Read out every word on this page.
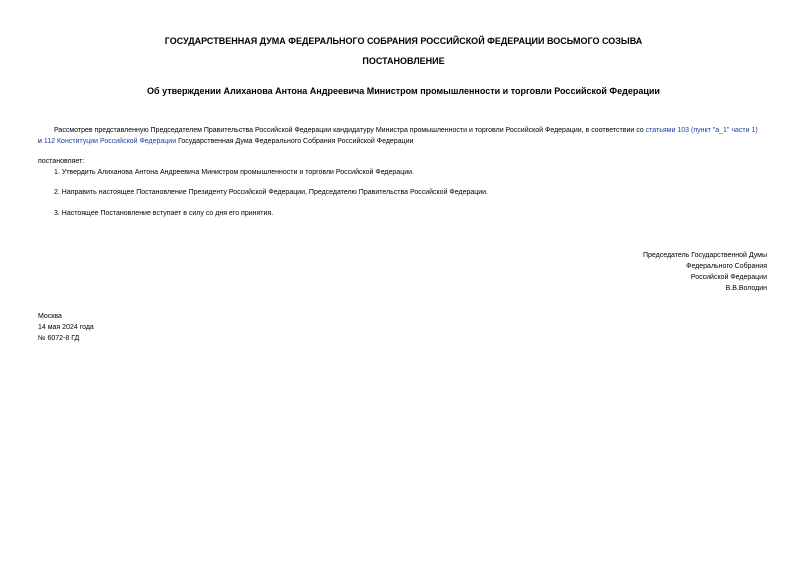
ГОСУДАРСТВЕННАЯ ДУМА ФЕДЕРАЛЬНОГО СОБРАНИЯ РОССИЙСКОЙ ФЕДЕРАЦИИ ВОСЬМОГО СОЗЫВА
ПОСТАНОВЛЕНИЕ
Об утверждении Алиханова Антона Андреевича Министром промышленности и торговли Российской Федерации
Рассмотрев представленную Председателем Правительства Российской Федерации кандидатуру Министра промышленности и торговли Российской Федерации, в соответствии со статьями 103 (пункт "а_1" части 1)
и 112 Конституции Российской Федерации Государственная Дума Федерального Собрания Российской Федерации
постановляет:
1. Утвердить Алиханова Антона Андреевича Министром промышленности и торговли Российской Федерации.
2. Направить настоящее Постановление Президенту Российской Федерации, Председателю Правительства Российской Федерации.
3. Настоящее Постановление вступает в силу со дня его принятия.
Председатель Государственной Думы
Федерального Собрания
Российской Федерации
В.В.Володин
Москва
14 мая 2024 года
№ 6072-8 ГД
